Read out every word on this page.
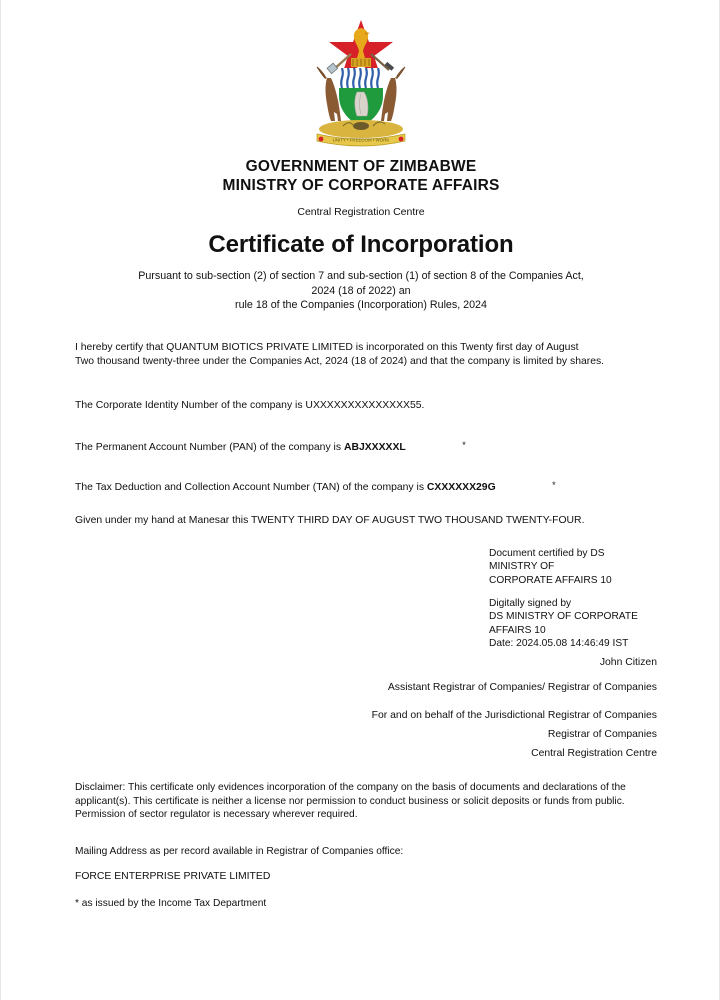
UNITY • FREEDOM • WORK
GOVERNMENT OF ZIMBABWE
MINISTRY OF CORPORATE AFFAIRS
Central Registration Centre
Certificate of Incorporation
Pursuant to sub-section (2) of section 7 and sub-section (1) of section 8 of the Companies Act,
2024 (18 of 2022) an
rule 18 of the Companies (Incorporation) Rules, 2024
I hereby certify that QUANTUM BIOTICS PRIVATE LIMITED is incorporated on this Twenty first day of August
Two thousand twenty-three under the Companies Act, 2024 (18 of 2024) and that the company is limited by shares.
The Corporate Identity Number of the company is UXXXXXXXXXXXXXX55.
The Permanent Account Number (PAN) of the company is ABJXXXXXL	*
The Tax Deduction and Collection Account Number (TAN) of the company is CXXXXXX29G	*
Given under my hand at Manesar this TWENTY THIRD DAY OF AUGUST TWO THOUSAND TWENTY-FOUR.
Document certified by DS
MINISTRY OF
CORPORATE AFFAIRS 10
Digitally signed by
DS MINISTRY OF CORPORATE
AFFAIRS 10
Date: 2024.05.08 14:46:49 IST
John Citizen
Assistant Registrar of Companies/ Registrar of Companies
For and on behalf of the Jurisdictional Registrar of Companies
Registrar of Companies
Central Registration Centre
Disclaimer: This certificate only evidences incorporation of the company on the basis of documents and declarations of the applicant(s). This certificate is neither a license nor permission to conduct business or solicit deposits or funds from public. Permission of sector regulator is necessary wherever required.
Mailing Address as per record available in Registrar of Companies office:
FORCE ENTERPRISE PRIVATE LIMITED
* as issued by the Income Tax Department
